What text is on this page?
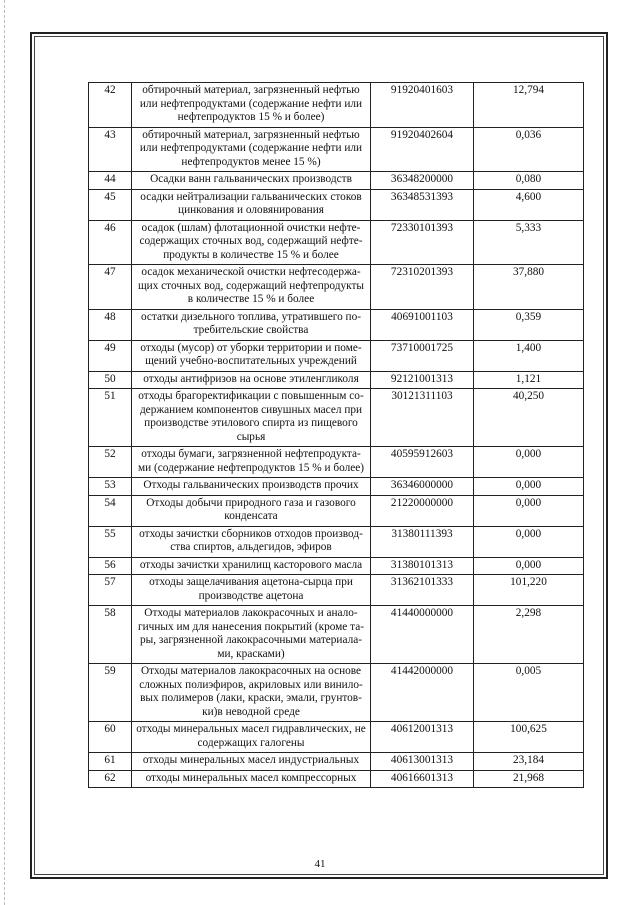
42	обтирочный материал, загрязненный нефтью или нефтепродуктами (содержание нефти или нефтепродуктов 15 % и более)	91920401603	12,794
43	обтирочный материал, загрязненный нефтью или нефтепродуктами (содержание нефти или нефтепродуктов менее 15 %)	91920402604	0,036
44	Осадки ванн гальванических производств	36348200000	0,080
45	осадки нейтрализации гальванических стоков цинкования и оловянирования	36348531393	4,600
46	осадок (шлам) флотационной очистки нефте-содержащих сточных вод, содержащий нефте-продукты в количестве 15 % и более	72330101393	5,333
47	осадок механической очистки нефтесодержа-щих сточных вод, содержащий нефтепродукты в количестве 15 % и более	72310201393	37,880
48	остатки дизельного топлива, утратившего по-требительские свойства	40691001103	0,359
49	отходы (мусор) от уборки территории и поме-щений учебно-воспитательных учреждений	73710001725	1,400
50	отходы антифризов на основе этиленгликоля	92121001313	1,121
51	отходы брагоректификации с повышенным со-держанием компонентов сивушных масел при производстве этилового спирта из пищевого сырья	30121311103	40,250
52	отходы бумаги, загрязненной нефтепродукта-ми (содержание нефтепродуктов 15 % и более)	40595912603	0,000
53	Отходы гальванических производств прочих	36346000000	0,000
54	Отходы добычи природного газа и газового конденсата	21220000000	0,000
55	отходы зачистки сборников отходов производ-ства спиртов, альдегидов, эфиров	31380111393	0,000
56	отходы зачистки хранилищ касторового масла	31380101313	0,000
57	отходы защелачивания ацетона-сырца при производстве ацетона	31362101333	101,220
58	Отходы материалов лакокрасочных и анало-гичных им для нанесения покрытий (кроме та-ры, загрязненной лакокрасочными материала-ми, красками)	41440000000	2,298
59	Отходы материалов лакокрасочных на основе сложных полиэфиров, акриловых или винило-вых полимеров (лаки, краски, эмали, грунтов-ки)в неводной среде	41442000000	0,005
60	отходы минеральных масел гидравлических, не содержащих галогены	40612001313	100,625
61	отходы минеральных масел индустриальных	40613001313	23,184
62	отходы минеральных масел компрессорных	40616601313	21,968
41
